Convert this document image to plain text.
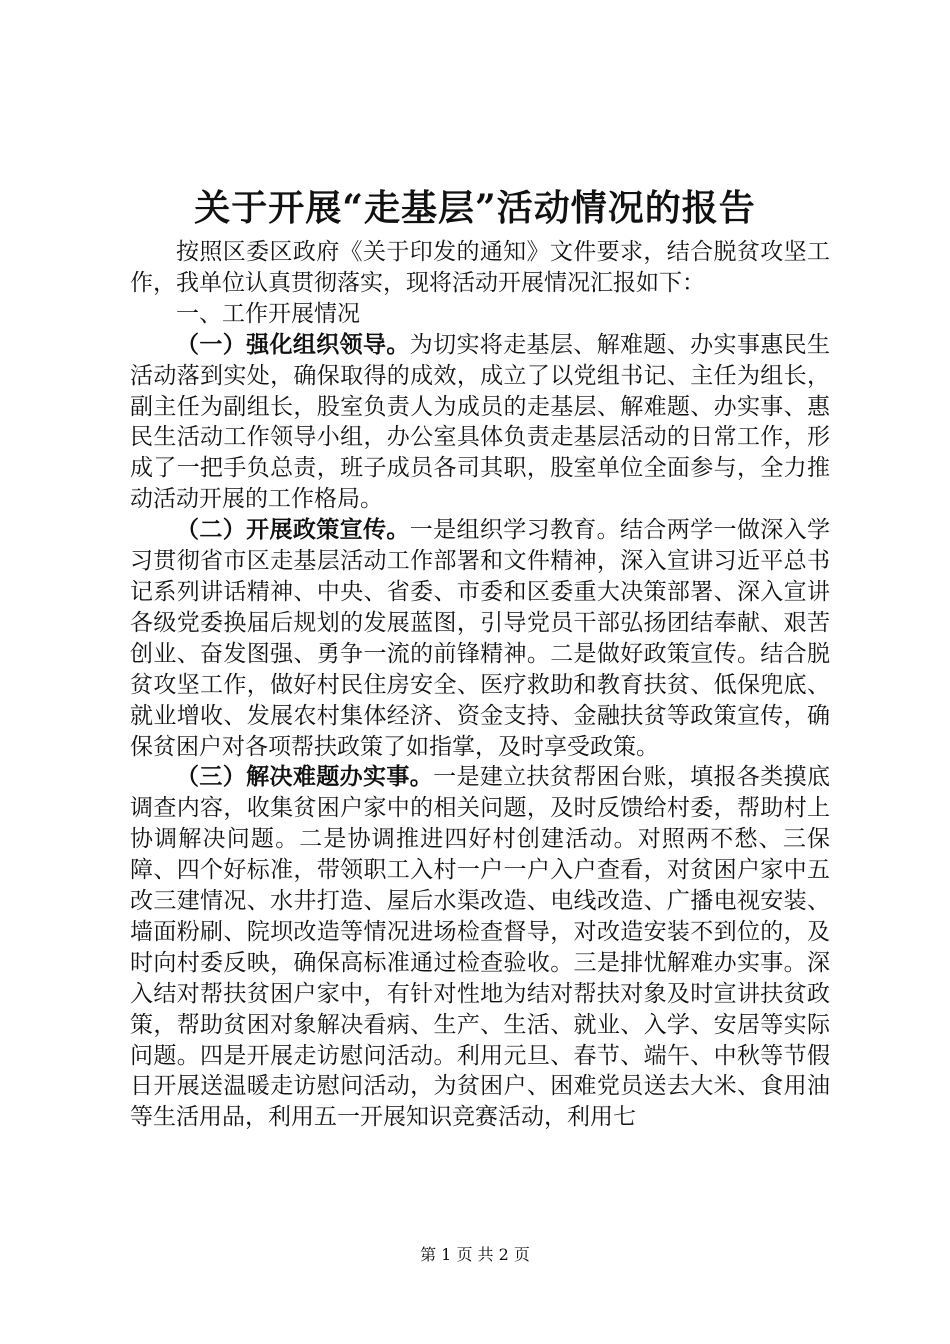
关于开展“走基层”活动情况的报告

按照区委区政府《关于印发的通知》文件要求，结合脱贫攻坚工作，我单位认真贯彻落实，现将活动开展情况汇报如下：

一、工作开展情况

（一）强化组织领导。为切实将走基层、解难题、办实事惠民生活动落到实处，确保取得的成效，成立了以党组书记、主任为组长，副主任为副组长，股室负责人为成员的走基层、解难题、办实事、惠民生活动工作领导小组，办公室具体负责走基层活动的日常工作，形成了一把手负总责，班子成员各司其职，股室单位全面参与，全力推动活动开展的工作格局。

（二）开展政策宣传。一是组织学习教育。结合两学一做深入学习贯彻省市区走基层活动工作部署和文件精神，深入宣讲习近平总书记系列讲话精神、中央、省委、市委和区委重大决策部署、深入宣讲各级党委换届后规划的发展蓝图，引导党员干部弘扬团结奉献、艰苦创业、奋发图强、勇争一流的前锋精神。二是做好政策宣传。结合脱贫攻坚工作，做好村民住房安全、医疗救助和教育扶贫、低保兜底、就业增收、发展农村集体经济、资金支持、金融扶贫等政策宣传，确保贫困户对各项帮扶政策了如指掌，及时享受政策。

（三）解决难题办实事。一是建立扶贫帮困台账，填报各类摸底调查内容，收集贫困户家中的相关问题，及时反馈给村委，帮助村上协调解决问题。二是协调推进四好村创建活动。对照两不愁、三保障、四个好标准，带领职工入村一户一户入户查看，对贫困户家中五改三建情况、水井打造、屋后水渠改造、电线改造、广播电视安装、墙面粉刷、院坝改造等情况进场检查督导，对改造安装不到位的，及时向村委反映，确保高标准通过检查验收。三是排忧解难办实事。深入结对帮扶贫困户家中，有针对性地为结对帮扶对象及时宣讲扶贫政策，帮助贫困对象解决看病、生产、生活、就业、入学、安居等实际问题。四是开展走访慰问活动。利用元旦、春节、端午、中秋等节假日开展送温暖走访慰问活动，为贫困户、困难党员送去大米、食用油等生活用品，利用五一开展知识竞赛活动，利用七

第 1 页 共 2 页
